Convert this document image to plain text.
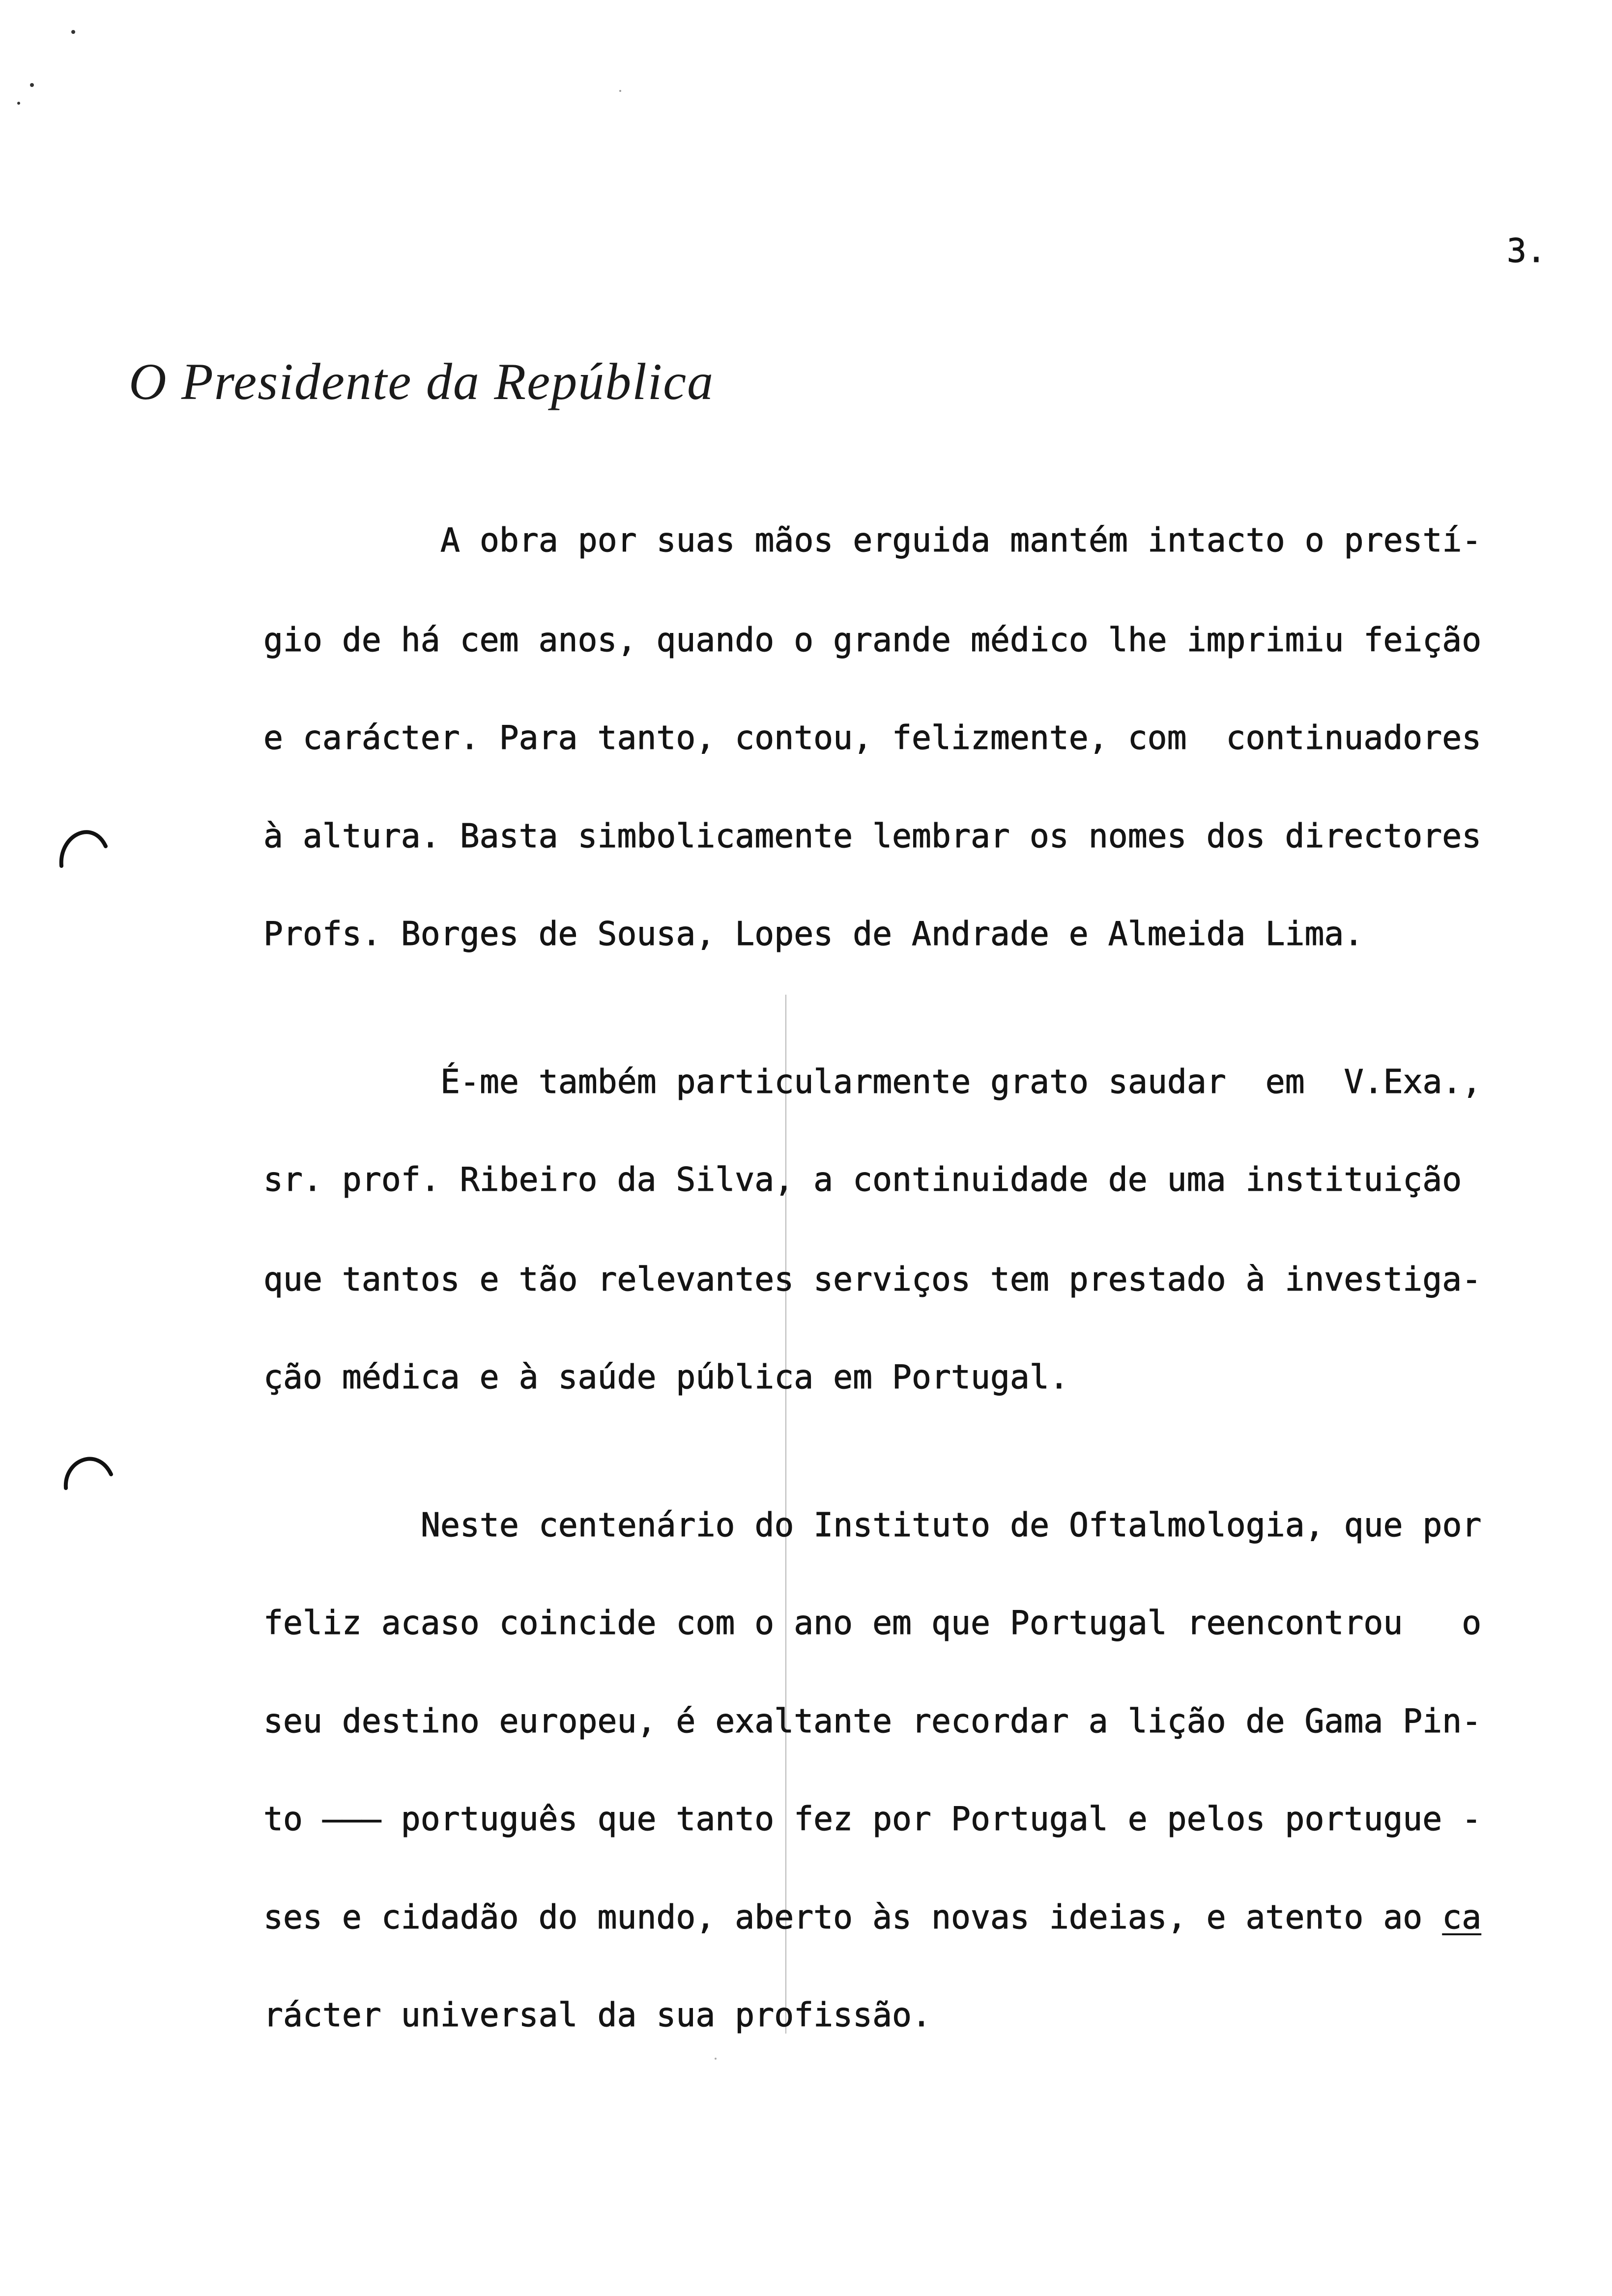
3.
O Presidente da República
A obra por suas mãos erguida mantém intacto o prestí-
gio de há cem anos, quando o grande médico lhe imprimiu feição
e carácter. Para tanto, contou, felizmente, com  continuadores
à altura. Basta simbolicamente lembrar os nomes dos directores
Profs. Borges de Sousa, Lopes de Andrade e Almeida Lima.
É-me também particularmente grato saudar  em  V.Exa.,
sr. prof. Ribeiro da Silva, a continuidade de uma instituição
que tantos e tão relevantes serviços tem prestado à investiga-
ção médica e à saúde pública em Portugal.
Neste centenário do Instituto de Oftalmologia, que por
feliz acaso coincide com o ano em que Portugal reencontrou   o
seu destino europeu, é exaltante recordar a lição de Gama Pin-
to ——— português que tanto fez por Portugal e pelos portugue -
ses e cidadão do mundo, aberto às novas ideias, e atento ao ca
rácter universal da sua profissão.
